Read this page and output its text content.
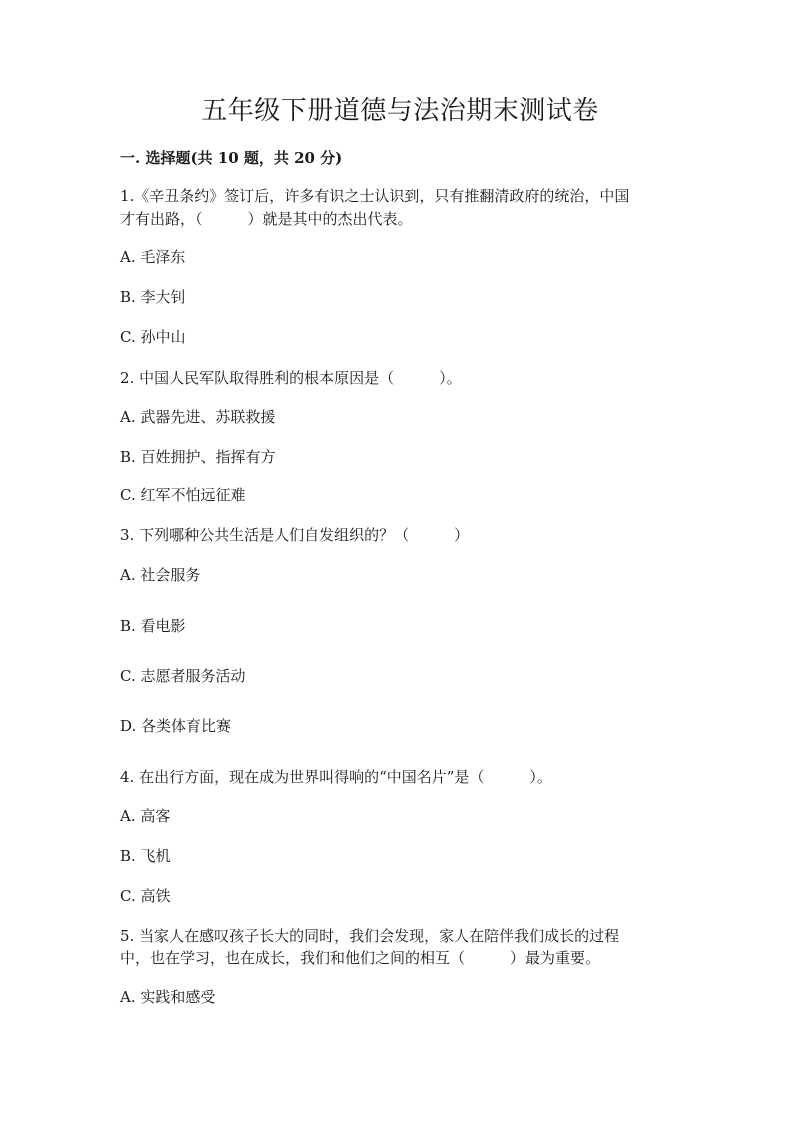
五年级下册道德与法治期末测试卷
一. 选择题(共 10 题，共 20 分)

1.《辛丑条约》签订后，许多有识之士认识到，只有推翻清政府的统治，中国

才有出路，（　　　）就是其中的杰出代表。

A. 毛泽东

B. 李大钊

C. 孙中山

2. 中国人民军队取得胜利的根本原因是（　　　）。

A. 武器先进、苏联救援

B. 百姓拥护、指挥有方

C. 红军不怕远征难

3. 下列哪种公共生活是人们自发组织的？（　　　）

A. 社会服务

B. 看电影

C. 志愿者服务活动

D. 各类体育比赛

4. 在出行方面，现在成为世界叫得响的“中国名片”是（　　　）。

A. 高客

B. 飞机

C. 高铁

5. 当家人在感叹孩子长大的同时，我们会发现，家人在陪伴我们成长的过程

中，也在学习，也在成长，我们和他们之间的相互（　　　）最为重要。

A. 实践和感受
